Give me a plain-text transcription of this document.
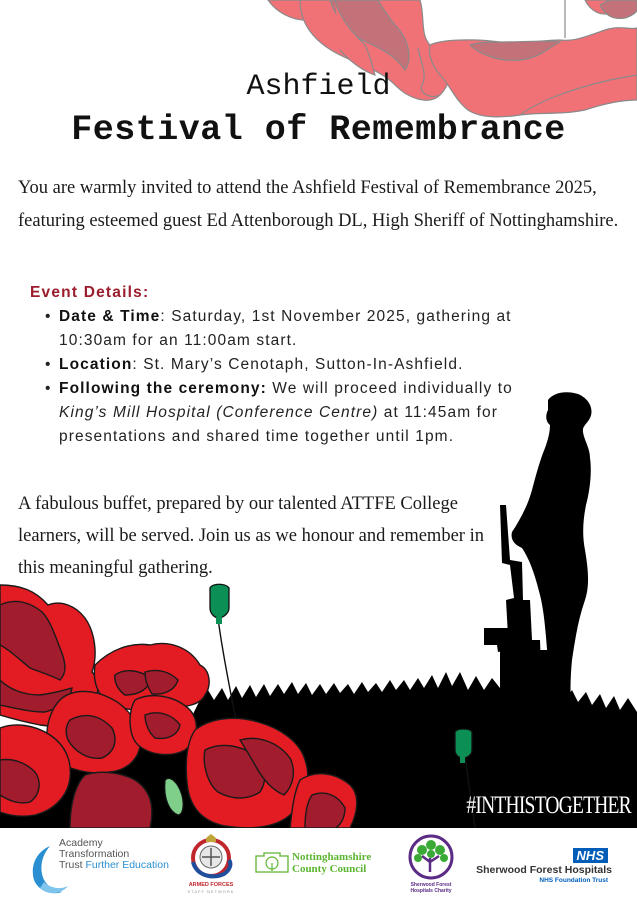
Ashfield
Festival of Remembrance
You are warmly invited to attend the Ashfield Festival of Remembrance 2025, featuring esteemed guest Ed Attenborough DL, High Sheriff of Nottinghamshire.
Event Details:
• Date & Time: Saturday, 1st November 2025, gathering at 10:30am for an 11:00am start.
• Location: St. Mary’s Cenotaph, Sutton-In-Ashfield.
• Following the ceremony: We will proceed individually to King’s Mill Hospital (Conference Centre) at 11:45am for presentations and shared time together until 1pm.
A fabulous buffet, prepared by our talented ATTFE College learners, will be served. Join us as we honour and remember in this meaningful gathering.
#INTHISTOGETHER
Academy
Transformation
Trust Further Education
ARMED FORCES
STAFF NETWORK
Nottinghamshire
County Council
Sherwood Forest
Hospitals Charity
NHS
Sherwood Forest Hospitals
NHS Foundation Trust
